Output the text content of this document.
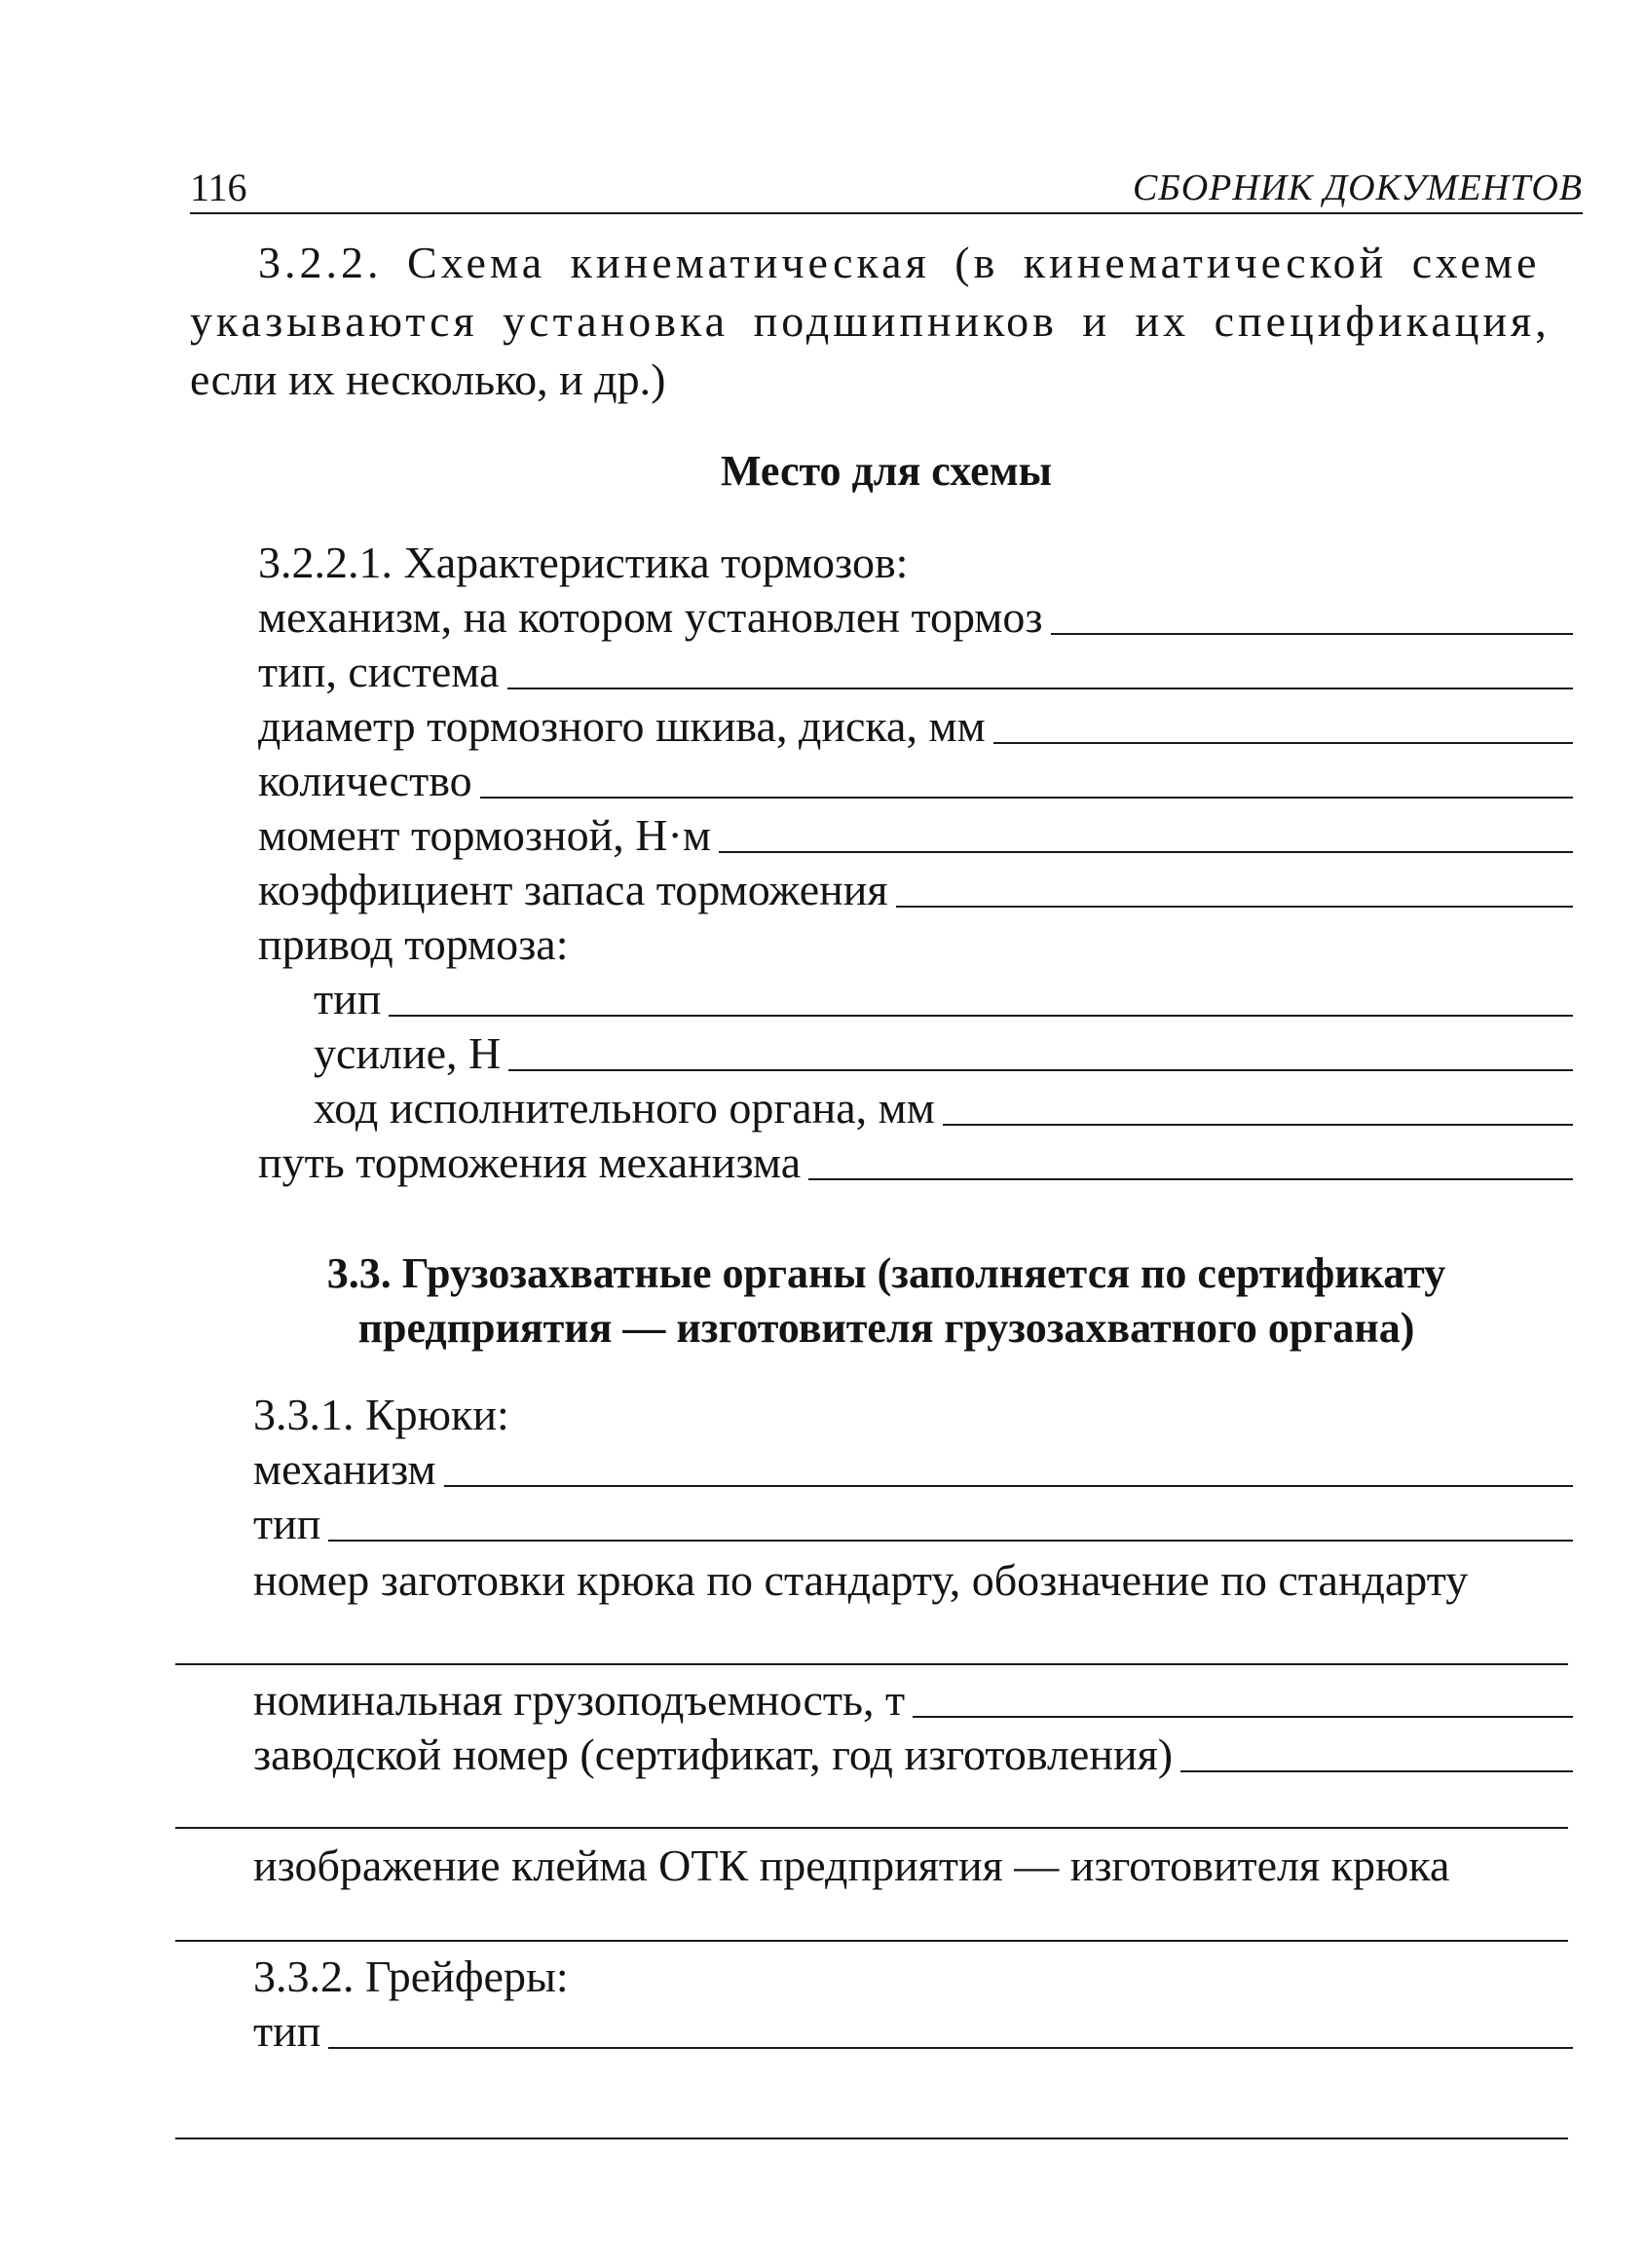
116	СБОРНИК ДОКУМЕНТОВ
3.2.2. Схема кинематическая (в кинематической схеме
указываются установка подшипников и их спецификация,
если их несколько, и др.)
Место для схемы
3.2.2.1. Характеристика тормозов:
механизм, на котором установлен тормоз
тип, система
диаметр тормозного шкива, диска, мм
количество
момент тормозной, Н·м
коэффициент запаса торможения
привод тормоза:
тип
усилие, Н
ход исполнительного органа, мм
путь торможения механизма
3.3. Грузозахватные органы (заполняется по сертификату
предприятия — изготовителя грузозахватного органа)
3.3.1. Крюки:
механизм
тип
номер заготовки крюка по стандарту, обозначение по стандарту
номинальная грузоподъемность, т
заводской номер (сертификат, год изготовления)
изображение клейма ОТК предприятия — изготовителя крюка
3.3.2. Грейферы:
тип
